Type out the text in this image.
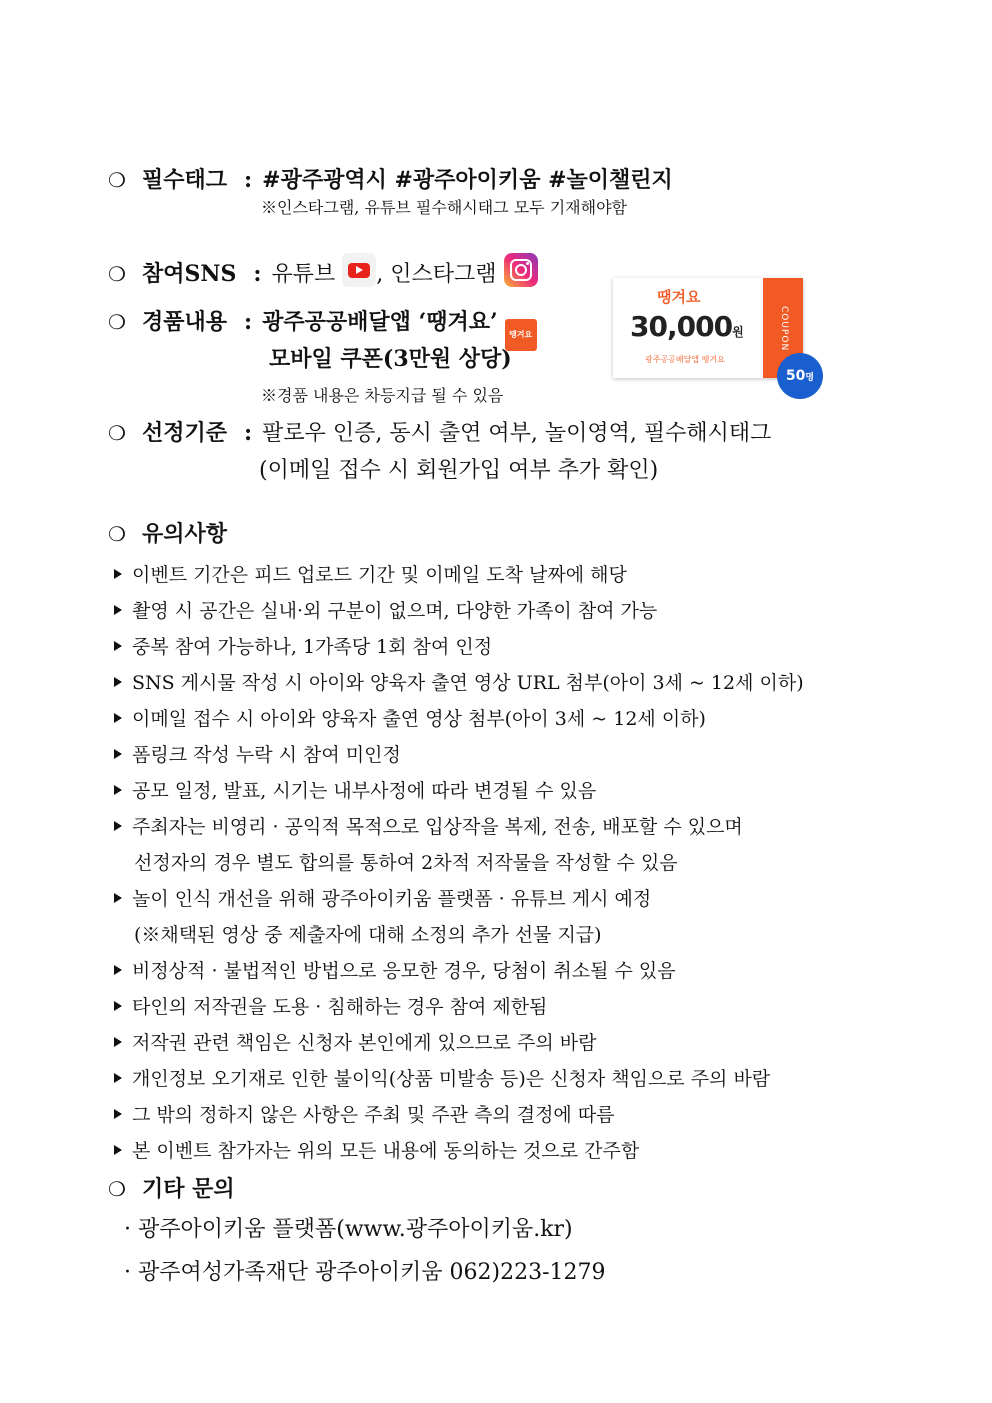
❍ 필수태그 : #광주광역시 #광주아이키움 #놀이챌린지
※인스타그램, 유튜브 필수해시태그 모두 기재해야함
❍ 참여SNS : 유튜브 , 인스타그램
❍ 경품내용 : 광주공공배달앱 ‘땡겨요’ 땡겨요
모바일 쿠폰(3만원 상당)
※경품 내용은 차등지급 될 수 있음
땡겨요
30,000원
광주공공배달앱 땡겨요
COUPON
50명
❍ 선정기준 : 팔로우 인증, 동시 출연 여부, 놀이영역, 필수해시태그
(이메일 접수 시 회원가입 여부 추가 확인)
❍ 유의사항
이벤트 기간은 피드 업로드 기간 및 이메일 도착 날짜에 해당
촬영 시 공간은 실내·외 구분이 없으며, 다양한 가족이 참여 가능
중복 참여 가능하나, 1가족당 1회 참여 인정
SNS 게시물 작성 시 아이와 양육자 출연 영상 URL 첨부(아이 3세 ~ 12세 이하)
이메일 접수 시 아이와 양육자 출연 영상 첨부(아이 3세 ~ 12세 이하)
폼링크 작성 누락 시 참여 미인정
공모 일정, 발표, 시기는 내부사정에 따라 변경될 수 있음
주최자는 비영리 · 공익적 목적으로 입상작을 복제, 전송, 배포할 수 있으며
선정자의 경우 별도 합의를 통하여 2차적 저작물을 작성할 수 있음
놀이 인식 개선을 위해 광주아이키움 플랫폼 · 유튜브 게시 예정
(※채택된 영상 중 제출자에 대해 소정의 추가 선물 지급)
비정상적 · 불법적인 방법으로 응모한 경우, 당첨이 취소될 수 있음
타인의 저작권을 도용 · 침해하는 경우 참여 제한됨
저작권 관련 책임은 신청자 본인에게 있으므로 주의 바람
개인정보 오기재로 인한 불이익(상품 미발송 등)은 신청자 책임으로 주의 바람
그 밖의 정하지 않은 사항은 주최 및 주관 측의 결정에 따름
본 이벤트 참가자는 위의 모든 내용에 동의하는 것으로 간주함
❍ 기타 문의
· 광주아이키움 플랫폼(www.광주아이키움.kr)
· 광주여성가족재단 광주아이키움 062)223-1279
